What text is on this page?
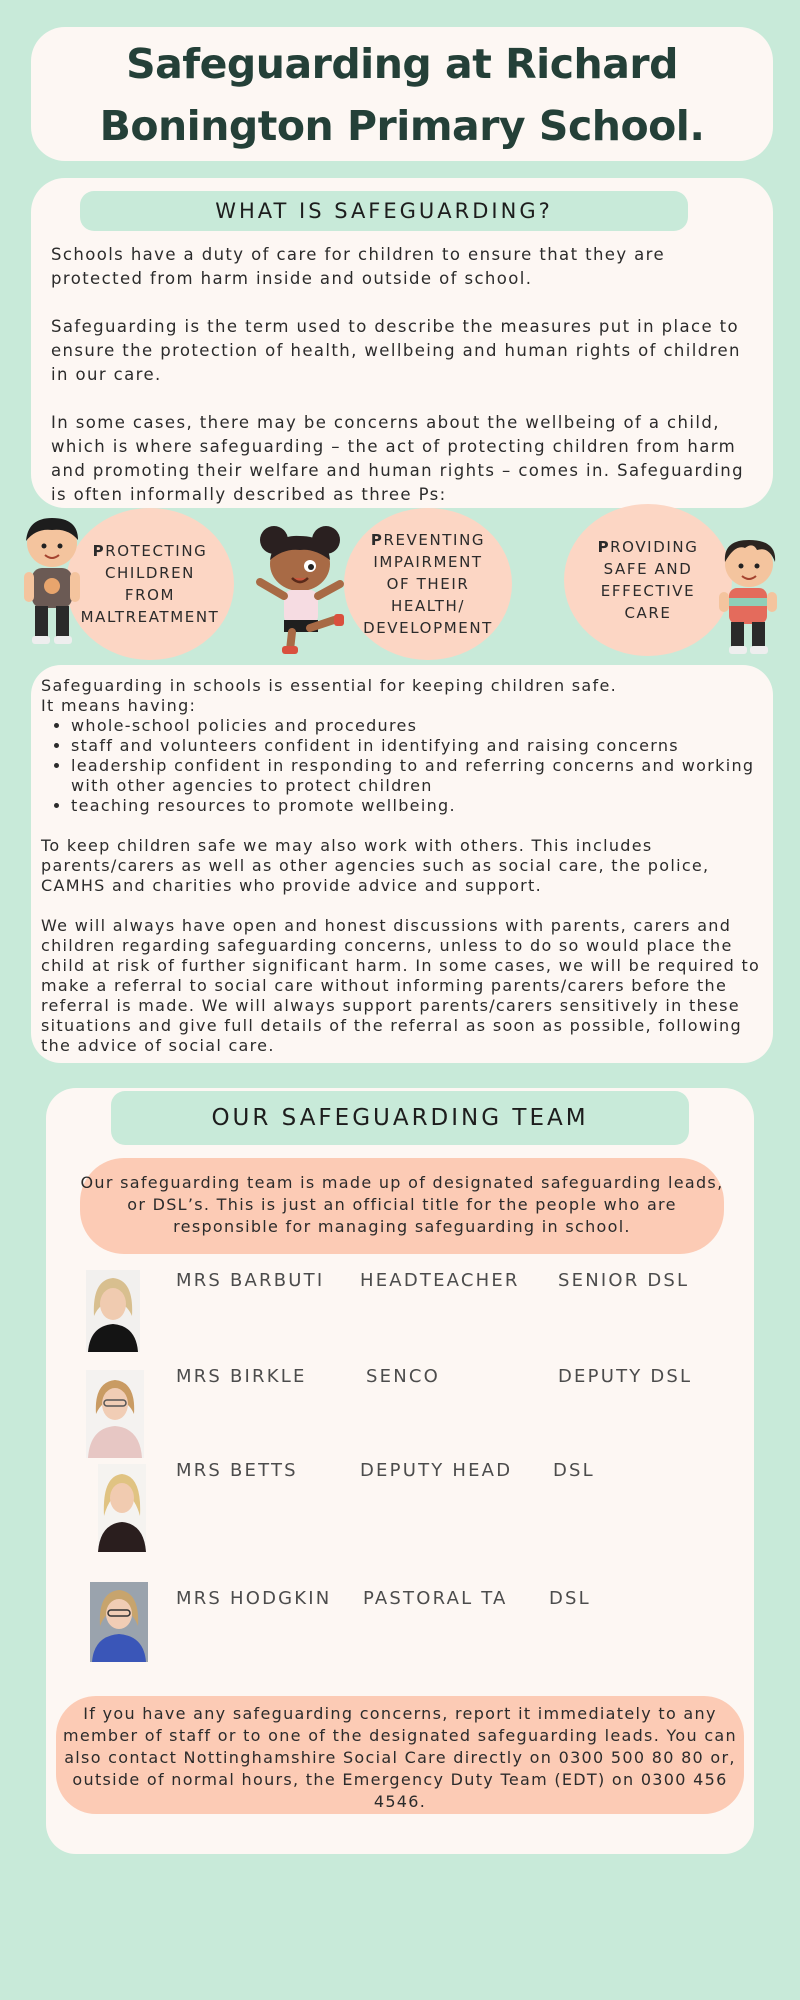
Safeguarding at Richard
Bonington Primary School.
WHAT IS SAFEGUARDING?

Schools have a duty of care for children to ensure that they are protected from harm inside and outside of school.

Safeguarding is the term used to describe the measures put in place to ensure the protection of health, wellbeing and human rights of children in our care.

In some cases, there may be concerns about the wellbeing of a child, which is where safeguarding – the act of protecting children from harm and promoting their welfare and human rights – comes in. Safeguarding is often informally described as three Ps:

PROTECTING
CHILDREN
FROM
MALTREATMENT
PREVENTING
IMPAIRMENT
OF THEIR
HEALTH/
DEVELOPMENT
PROVIDING
SAFE AND
EFFECTIVE
CARE
Safeguarding in schools is essential for keeping children safe.
It means having:
• whole-school policies and procedures
• staff and volunteers confident in identifying and raising concerns
• leadership confident in responding to and referring concerns and working with other agencies to protect children
• teaching resources to promote wellbeing.

To keep children safe we may also work with others. This includes parents/carers as well as other agencies such as social care, the police, CAMHS and charities who provide advice and support.

We will always have open and honest discussions with parents, carers and children regarding safeguarding concerns, unless to do so would place the child at risk of further significant harm. In some cases, we will be required to make a referral to social care without informing parents/carers before the referral is made. We will always support parents/carers sensitively in these situations and give full details of the referral as soon as possible, following the advice of social care.

OUR SAFEGUARDING TEAM
Our safeguarding team is made up of designated safeguarding leads, or DSL’s. This is just an official title for the people who are responsible for managing safeguarding in school.
MRS BARBUTI HEADTEACHER SENIOR DSL
MRS BIRKLE	SENCO	DEPUTY DSL
MRS BETTS	DEPUTY HEAD DSL
MRS HODGKIN PASTORAL TA DSL
If you have any safeguarding concerns, report it immediately to any member of staff or to one of the designated safeguarding leads. You can also contact Nottinghamshire Social Care directly on 0300 500 80 80 or, outside of normal hours, the Emergency Duty Team (EDT) on 0300 456 4546.
